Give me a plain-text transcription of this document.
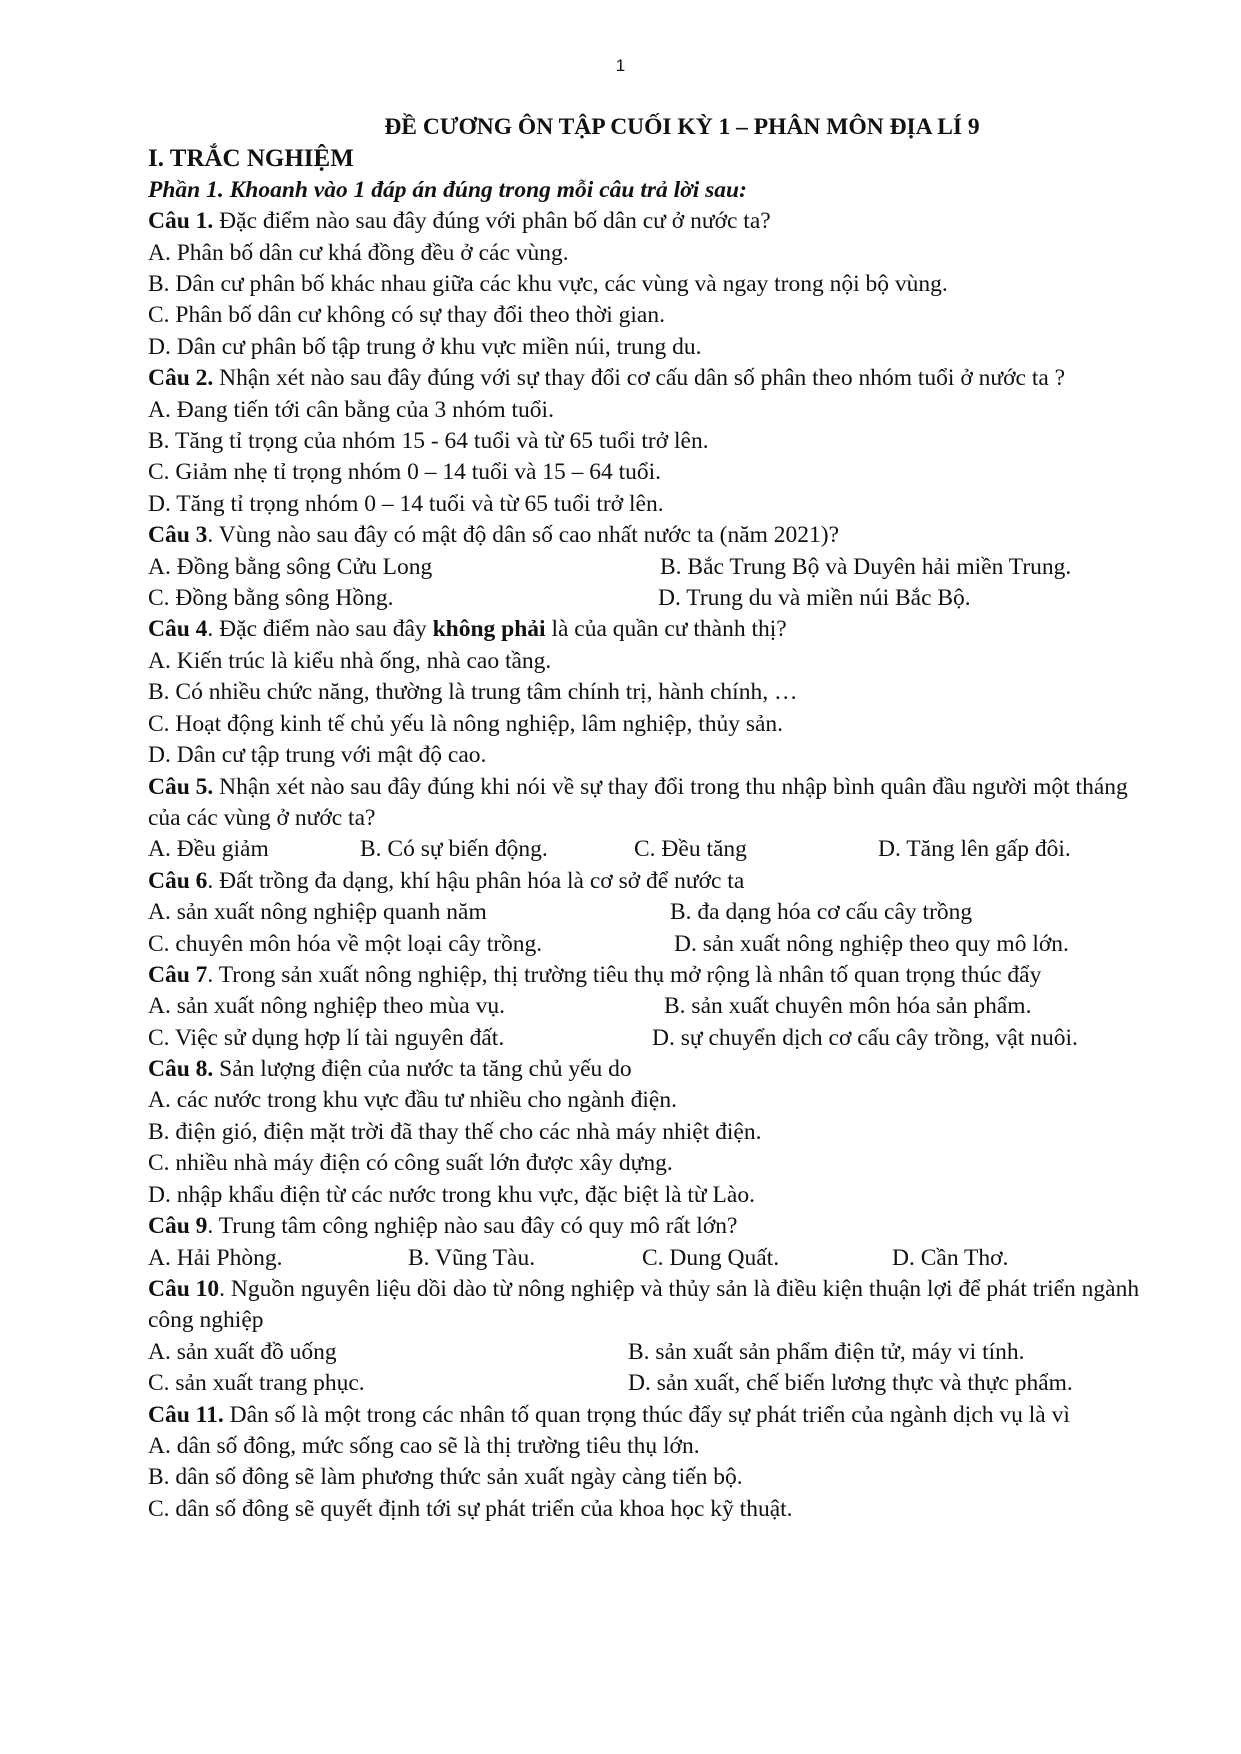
1
ĐỀ CƯƠNG ÔN TẬP CUỐI KỲ 1 – PHÂN MÔN ĐỊA LÍ 9
I. TRẮC NGHIỆM
Phần 1. Khoanh vào 1 đáp án đúng trong mỗi câu trả lời sau:
Câu 1. Đặc điểm nào sau đây đúng với phân bố dân cư ở nước ta?
A. Phân bố dân cư khá đồng đều ở các vùng.
B. Dân cư phân bố khác nhau giữa các khu vực, các vùng và ngay trong nội bộ vùng.
C. Phân bố dân cư không có sự thay đổi theo thời gian.
D. Dân cư phân bố tập trung ở khu vực miền núi, trung du.
Câu 2. Nhận xét nào sau đây đúng với sự thay đổi cơ cấu dân số phân theo nhóm tuổi ở nước ta ?
A. Đang tiến tới cân bằng của 3 nhóm tuổi.
B. Tăng tỉ trọng của nhóm 15 - 64 tuổi và từ 65 tuổi trở lên.
C. Giảm nhẹ tỉ trọng nhóm 0 – 14 tuổi và 15 – 64 tuổi.
D. Tăng tỉ trọng nhóm 0 – 14 tuổi và từ 65 tuổi trở lên.
Câu 3. Vùng nào sau đây có mật độ dân số cao nhất nước ta (năm 2021)?
A. Đồng bằng sông Cửu Long	B. Bắc Trung Bộ và Duyên hải miền Trung.
C. Đồng bằng sông Hồng.	D. Trung du và miền núi Bắc Bộ.
Câu 4. Đặc điểm nào sau đây không phải là của quần cư thành thị?
A. Kiến trúc là kiểu nhà ống, nhà cao tầng.
B. Có nhiều chức năng, thường là trung tâm chính trị, hành chính, …
C. Hoạt động kinh tế chủ yếu là nông nghiệp, lâm nghiệp, thủy sản.
D. Dân cư tập trung với mật độ cao.
Câu 5. Nhận xét nào sau đây đúng khi nói về sự thay đổi trong thu nhập bình quân đầu người một tháng của các vùng ở nước ta?
A. Đều giảm	B. Có sự biến động.	C. Đều tăng	D. Tăng lên gấp đôi.
Câu 6. Đất trồng đa dạng, khí hậu phân hóa là cơ sở để nước ta
A. sản xuất nông nghiệp quanh năm	B. đa dạng hóa cơ cấu cây trồng
C. chuyên môn hóa về một loại cây trồng.	D. sản xuất nông nghiệp theo quy mô lớn.
Câu 7. Trong sản xuất nông nghiệp, thị trường tiêu thụ mở rộng là nhân tố quan trọng thúc đẩy
A. sản xuất nông nghiệp theo mùa vụ.	B. sản xuất chuyên môn hóa sản phẩm.
C. Việc sử dụng hợp lí tài nguyên đất.	D. sự chuyển dịch cơ cấu cây trồng, vật nuôi.
Câu 8. Sản lượng điện của nước ta tăng chủ yếu do
A. các nước trong khu vực đầu tư nhiều cho ngành điện.
B. điện gió, điện mặt trời đã thay thế cho các nhà máy nhiệt điện.
C. nhiều nhà máy điện có công suất lớn được xây dựng.
D. nhập khẩu điện từ các nước trong khu vực, đặc biệt là từ Lào.
Câu 9. Trung tâm công nghiệp nào sau đây có quy mô rất lớn?
A. Hải Phòng.	B. Vũng Tàu.	C. Dung Quất.	D. Cần Thơ.
Câu 10. Nguồn nguyên liệu dồi dào từ nông nghiệp và thủy sản là điều kiện thuận lợi để phát triển ngành công nghiệp
A. sản xuất đồ uống	B. sản xuất sản phẩm điện tử, máy vi tính.
C. sản xuất trang phục.	D. sản xuất, chế biến lương thực và thực phẩm.
Câu 11. Dân số là một trong các nhân tố quan trọng thúc đẩy sự phát triển của ngành dịch vụ là vì
A. dân số đông, mức sống cao sẽ là thị trường tiêu thụ lớn.
B. dân số đông sẽ làm phương thức sản xuất ngày càng tiến bộ.
C. dân số đông sẽ quyết định tới sự phát triển của khoa học kỹ thuật.
